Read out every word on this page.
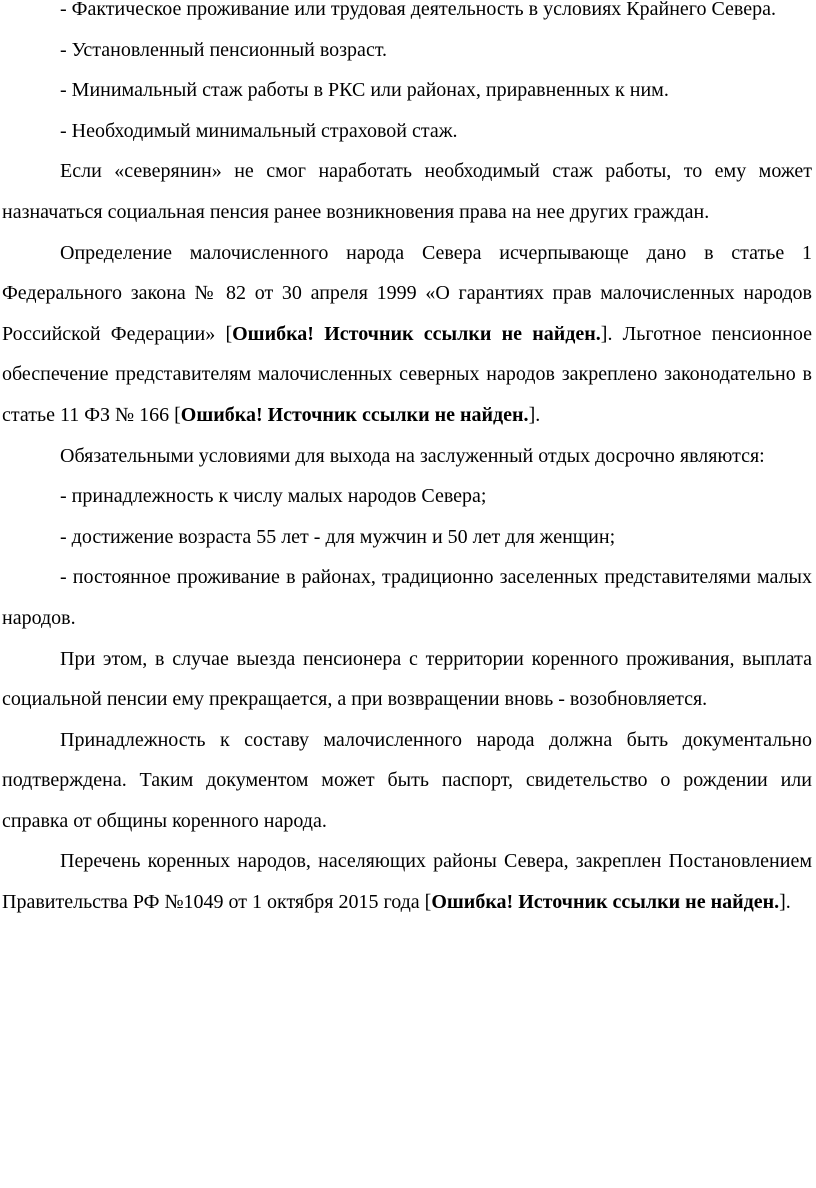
- Фактическое проживание или трудовая деятельность в условиях Крайнего Севера.

- Установленный пенсионный возраст.

- Минимальный стаж работы в РКС или районах, приравненных к ним.

- Необходимый минимальный страховой стаж.

Если «северянин» не смог наработать необходимый стаж работы, то ему может назначаться социальная пенсия ранее возникновения права на нее других граждан.

Определение малочисленного народа Севера исчерпывающе дано в статье 1 Федерального закона № 82 от 30 апреля 1999 «О гарантиях прав малочисленных народов Российской Федерации» [Ошибка! Источник ссылки не найден.]. Льготное пенсионное обеспечение представителям малочисленных северных народов закреплено законодательно в статье 11 ФЗ № 166 [Ошибка! Источник ссылки не найден.].

Обязательными условиями для выхода на заслуженный отдых досрочно являются:

- принадлежность к числу малых народов Севера;

- достижение возраста 55 лет - для мужчин и 50 лет для женщин;

- постоянное проживание в районах, традиционно заселенных представителями малых народов.

При этом, в случае выезда пенсионера с территории коренного проживания, выплата социальной пенсии ему прекращается, а при возвращении вновь - возобновляется.

Принадлежность к составу малочисленного народа должна быть документально подтверждена. Таким документом может быть паспорт, свидетельство о рождении или справка от общины коренного народа.

Перечень коренных народов, населяющих районы Севера, закреплен Постановлением Правительства РФ №1049 от 1 октября 2015 года [Ошибка! Источник ссылки не найден.].
